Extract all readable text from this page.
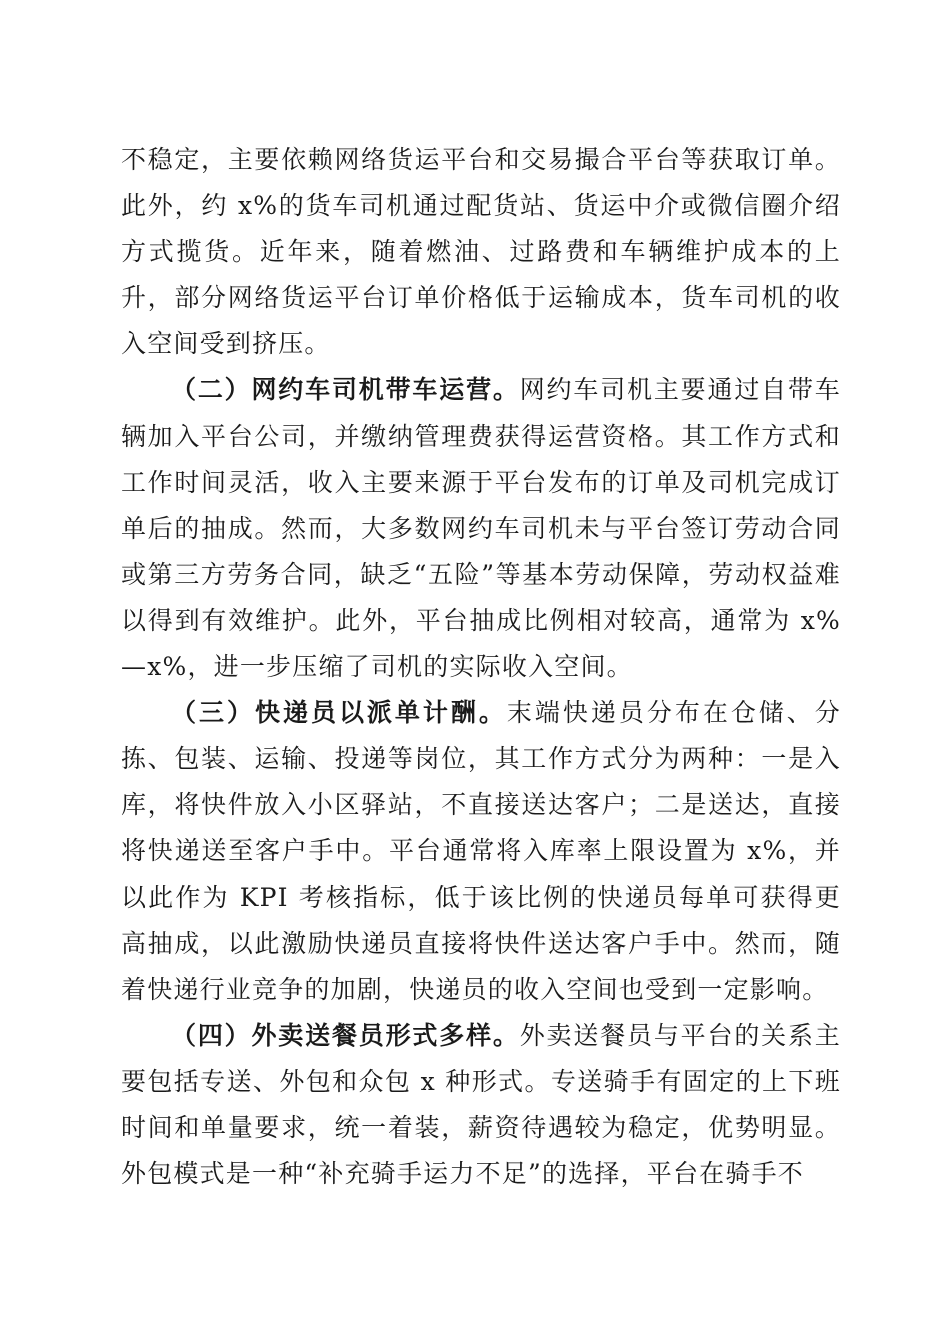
不稳定，主要依赖网络货运平台和交易撮合平台等获取订单。此外，约 x%的货车司机通过配货站、货运中介或微信圈介绍方式揽货。近年来，随着燃油、过路费和车辆维护成本的上升，部分网络货运平台订单价格低于运输成本，货车司机的收入空间受到挤压。

（二）网约车司机带车运营。网约车司机主要通过自带车辆加入平台公司，并缴纳管理费获得运营资格。其工作方式和工作时间灵活，收入主要来源于平台发布的订单及司机完成订单后的抽成。然而，大多数网约车司机未与平台签订劳动合同或第三方劳务合同，缺乏“五险”等基本劳动保障，劳动权益难以得到有效维护。此外，平台抽成比例相对较高，通常为 x%—x%，进一步压缩了司机的实际收入空间。

（三）快递员以派单计酬。末端快递员分布在仓储、分拣、包装、运输、投递等岗位，其工作方式分为两种：一是入库，将快件放入小区驿站，不直接送达客户；二是送达，直接将快递送至客户手中。平台通常将入库率上限设置为 x%，并以此作为 KPI 考核指标，低于该比例的快递员每单可获得更高抽成，以此激励快递员直接将快件送达客户手中。然而，随着快递行业竞争的加剧，快递员的收入空间也受到一定影响。

（四）外卖送餐员形式多样。外卖送餐员与平台的关系主要包括专送、外包和众包 x 种形式。专送骑手有固定的上下班时间和单量要求，统一着装，薪资待遇较为稳定，优势明显。外包模式是一种“补充骑手运力不足”的选择，平台在骑手不
